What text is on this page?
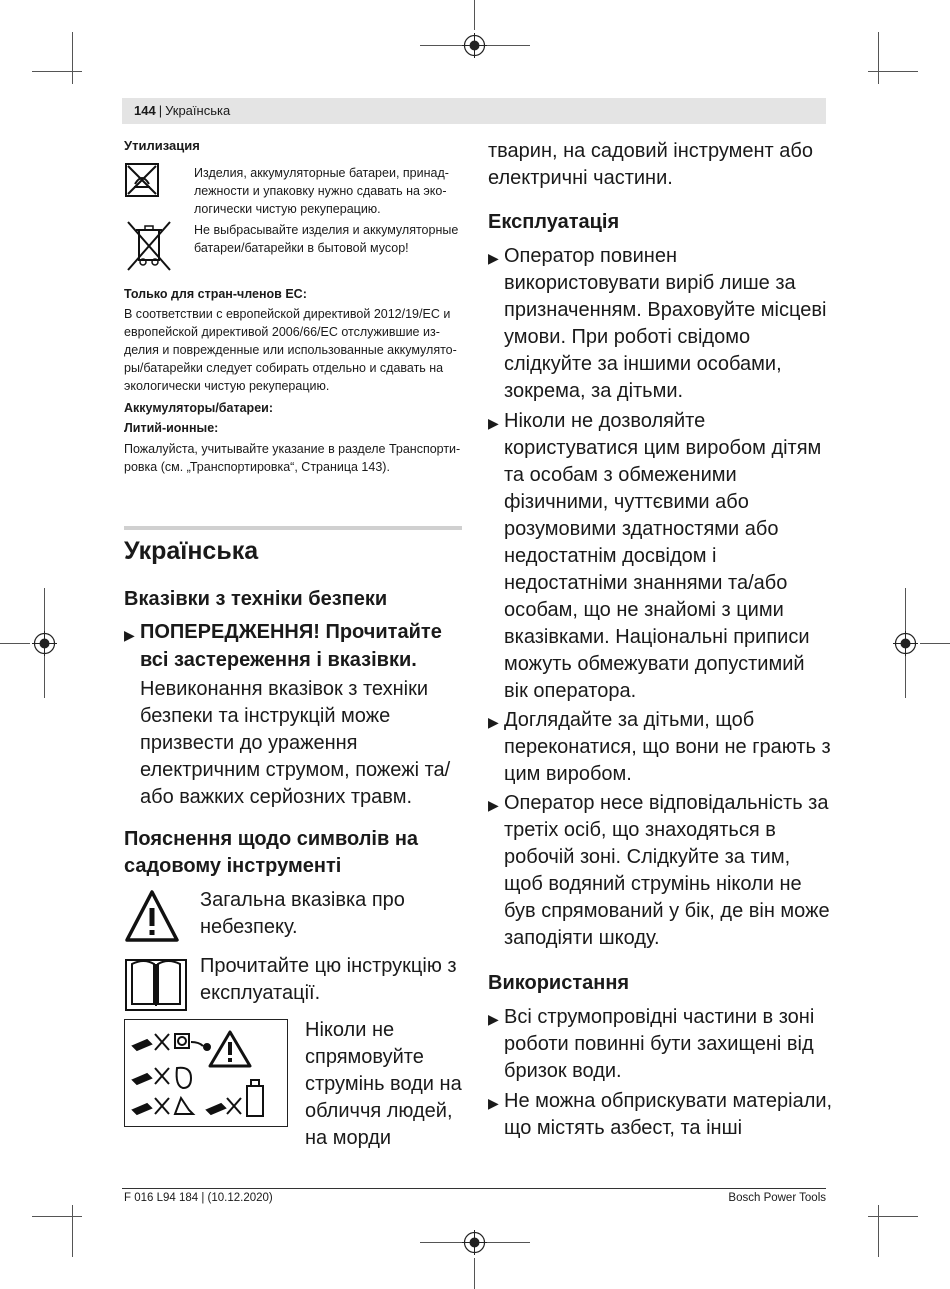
144 | Українська
Утилизация
Изделия, аккумуляторные батареи, принад-
лежности и упаковку нужно сдавать на эко-
логически чистую рекуперацию.
Не выбрасывайте изделия и аккумуляторные
батареи/батарейки в бытовой мусор!
Только для стран-членов ЕС:
В соответствии с европейской директивой 2012/19/EC и
европейской директивой 2006/66/EC отслужившие из-
делия и поврежденные или использованные аккумулято-
ры/батарейки следует собирать отдельно и сдавать на
экологически чистую рекуперацию.
Аккумуляторы/батареи:
Литий-ионные:
Пожалуйста, учитывайте указание в разделе Транспорти-
ровка (см. „Транспортировка“, Страница 143).
Українська
Вказівки з техніки безпеки
▶ ПОПЕРЕДЖЕННЯ! Прочитайте
всі застереження і вказівки.
Невиконання вказівок з техніки
безпеки та інструкцій може
призвести до ураження
електричним струмом, пожежі та/
або важких серйозних травм.
Пояснення щодо символів на
садовому інструменті
Загальна вказівка про
небезпеку.
Прочитайте цю інструкцію з
експлуатації.
Ніколи не
спрямовуйте
струмінь води на
обличчя людей,
на морди
тварин, на садовий інструмент або
електричні частини.
Експлуатація
▶ Оператор повинен
використовувати виріб лише за
призначенням. Враховуйте місцеві
умови. При роботі свідомо
слідкуйте за іншими особами,
зокрема, за дітьми.
▶ Ніколи не дозволяйте
користуватися цим виробом дітям
та особам з обмеженими
фізичними, чуттєвими або
розумовими здатностями або
недостатнім досвідом і
недостатніми знаннями та/або
особам, що не знайомі з цими
вказівками. Національні приписи
можуть обмежувати допустимий
вік оператора.
▶ Доглядайте за дітьми, щоб
переконатися, що вони не грають з
цим виробом.
▶ Оператор несе відповідальність за
третіх осіб, що знаходяться в
робочій зоні. Слідкуйте за тим,
щоб водяний струмінь ніколи не
був спрямований у бік, де він може
заподіяти шкоду.
Використання
▶ Всі струмопровідні частини в зоні
роботи повинні бути захищені від
бризок води.
▶ Не можна обприскувати матеріали,
що містять азбест, та інші
F 016 L94 184 | (10.12.2020)	Bosch Power Tools
